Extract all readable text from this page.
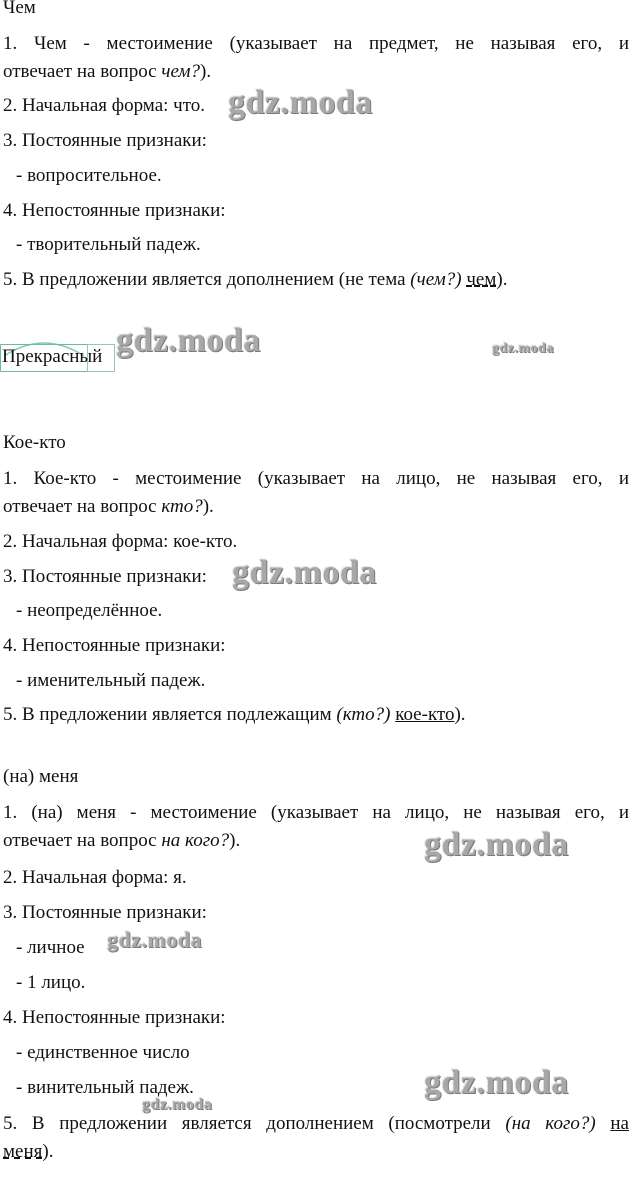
Чем
1. Чем - местоимение (указывает на предмет, не называя его, и
отвечает на вопрос чем?).
2. Начальная форма: что.
3. Постоянные признаки:
- вопросительное.
4. Непостоянные признаки:
- творительный падеж.
5. В предложении является дополнением (не тема (чем?) чем).
Прекрасный
Кое-кто
1. Кое-кто - местоимение (указывает на лицо, не называя его, и
отвечает на вопрос кто?).
2. Начальная форма: кое-кто.
3. Постоянные признаки:
- неопределённое.
4. Непостоянные признаки:
- именительный падеж.
5. В предложении является подлежащим (кто?) кое-кто).
(на) меня
1. (на) меня - местоимение (указывает на лицо, не называя его, и
отвечает на вопрос на кого?).
2. Начальная форма: я.
3. Постоянные признаки:
- личное
- 1 лицо.
4. Непостоянные признаки:
- единственное число
- винительный падеж.
5. В предложении является дополнением (посмотрели (на кого?) на
меня).
gdz.moda
gdz.moda	gdz.moda
gdz.moda
gdz.moda
gdz.moda
gdz.moda
gdz.moda
